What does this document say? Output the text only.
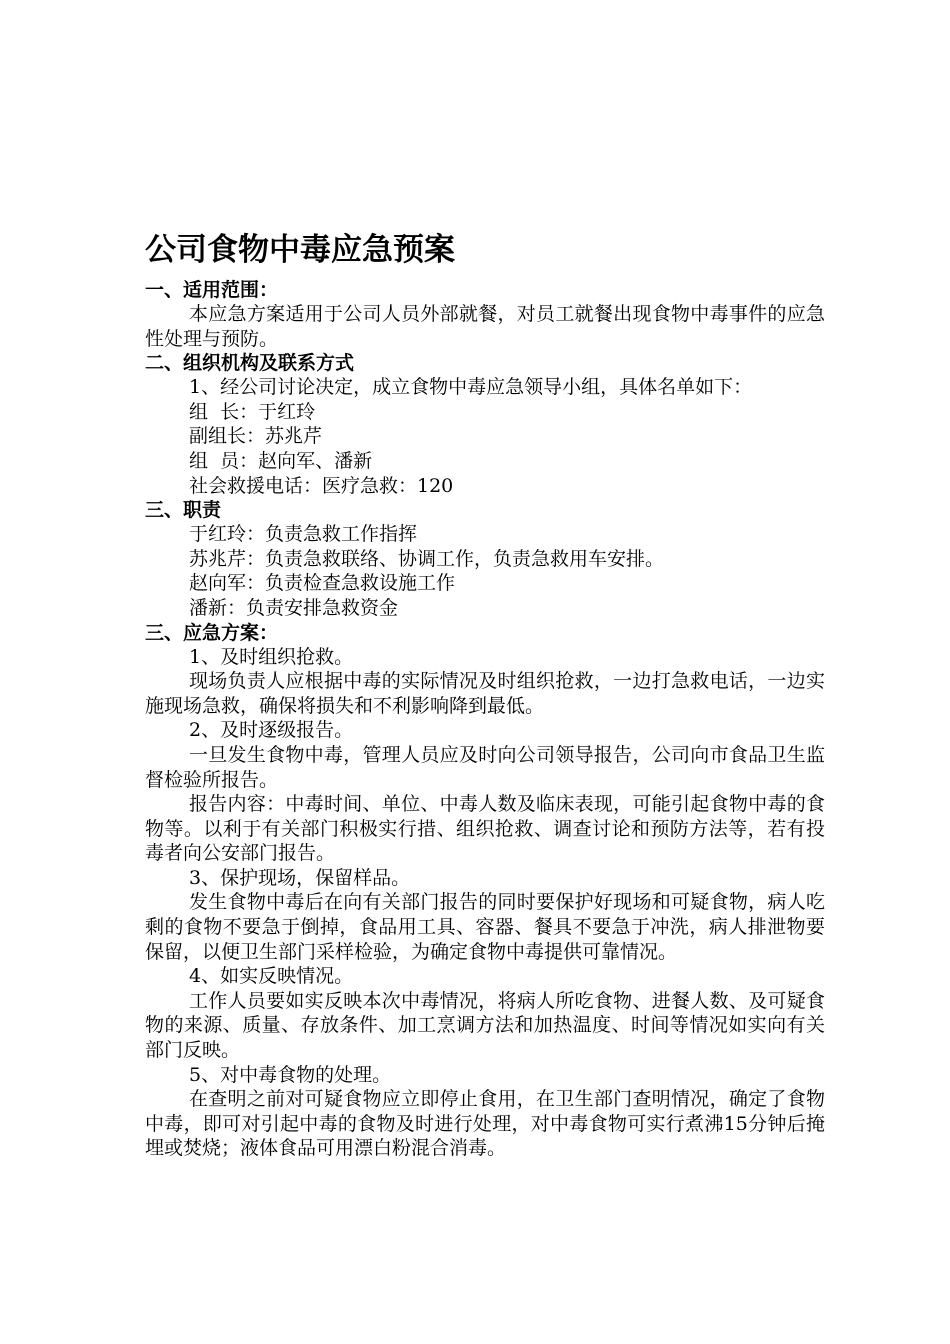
公司食物中毒应急预案
一、适用范围：

本应急方案适用于公司人员外部就餐，对员工就餐出现食物中毒事件的应急性处理与预防。

二、组织机构及联系方式

1、经公司讨论决定，成立食物中毒应急领导小组，具体名单如下：

组  长：于红玲

副组长：苏兆芹

组  员：赵向军、潘新

社会救援电话：医疗急救：120

三、职责

于红玲：负责急救工作指挥

苏兆芹：负责急救联络、协调工作，负责急救用车安排。

赵向军：负责检查急救设施工作

潘新：负责安排急救资金

三、应急方案：

1、及时组织抢救。

现场负责人应根据中毒的实际情况及时组织抢救，一边打急救电话，一边实施现场急救，确保将损失和不利影响降到最低。

2、及时逐级报告。

一旦发生食物中毒，管理人员应及时向公司领导报告，公司向市食品卫生监督检验所报告。

报告内容：中毒时间、单位、中毒人数及临床表现，可能引起食物中毒的食物等。以利于有关部门积极实行措、组织抢救、调查讨论和预防方法等，若有投毒者向公安部门报告。

3、保护现场，保留样品。

发生食物中毒后在向有关部门报告的同时要保护好现场和可疑食物，病人吃剩的食物不要急于倒掉，食品用工具、容器、餐具不要急于冲洗，病人排泄物要保留，以便卫生部门采样检验，为确定食物中毒提供可靠情况。

4、如实反映情况。

工作人员要如实反映本次中毒情况，将病人所吃食物、进餐人数、及可疑食物的来源、质量、存放条件、加工烹调方法和加热温度、时间等情况如实向有关部门反映。

5、对中毒食物的处理。

在查明之前对可疑食物应立即停止食用，在卫生部门查明情况，确定了食物中毒，即可对引起中毒的食物及时进行处理，对中毒食物可实行煮沸15分钟后掩埋或焚烧；液体食品可用漂白粉混合消毒。
